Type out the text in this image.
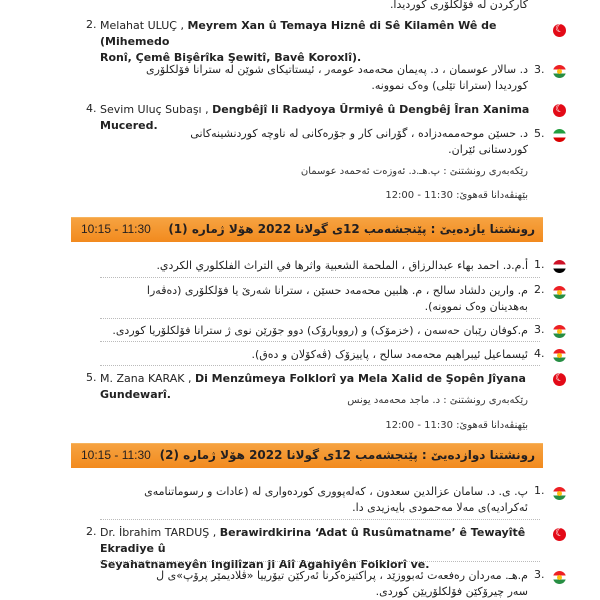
کارکردن لە فۆلکلۆری کوردیدا.
☾
2. Melahat ULUÇ , Meyrem Xan û Temaya Hiznê di Sê Kilamên Wê de (Mihemedo
Ronî, Çemê Bişêrîka Şewitî, Bavê Koroxlî).
3.
د. سالار عوسمان ، د. پەیمان محەمەد عومەر ، ئیستاتیکای شوێن لە سترانا فۆلکلۆری
کوردیدا (سترانا تێلی) وەک نموونە.
☾
4. Sevim Uluç Subaşı , Dengbêjî li Radyoya Ûrmiyê û Dengbêj Îran Xanima Mucered.
5.
د. حسێن موحەممەدزادە ، گۆرانی کار و جۆرەکانی لە ناوچە کوردنشینەکانی
کوردستانی ئێران.
رێکەبەری رونشتنێ : پ.هـ.د. ئەوزەت ئەحمەد عوسمان
بێهنڤەدانا قەهوێ: 11:30 - 12:00
10:15 - 11:30 رونشتنا یازدەیێ : پێنجشەمب 12ی گولانا 2022 هۆلا ژمارە (1)
1.
أ.م.د. احمد بهاء عبدالرزاق ، الملحمة الشعبية واثرها في التراث الفلكلوري الكردي.
2.
م. وارین دلشاد سالح ، م. هلبین محەمەد حسێن ، سترانا شەرێ یا فۆلکلۆری (دەڤەرا
بەهدینان وەک نموونە).
3.
م.کوفان رێبان حەسەن ، (خزمۆک) و (رووبارۆک) دوو جۆرێن نوی ژ سترانا فۆلکلۆریا کوردی.
4.
ئیسماعیل ئیبراهیم محەمەد سالح ، پاییزۆک (ڤەکۆلان و دەق).
☾
5. M. Zana KARAK , Di Menzûmeya Folklorî ya Mela Xalid de Şopên Jîyana Gundewarî.	رێکەبەری رونشتنێ : د. ماجد محەمەد یونس
بێهنڤەدانا قەهوێ: 11:30 - 12:00
10:15 - 11:30 رونشتنا دوازدەیێ : پێنجشەمب 12ی گولانا 2022 هۆلا ژمارە (2)
1.
پ. ی. د. سامان عزالدین سعدون ، کەلەپووری کوردەواری لە (عادات و رسوماتنامەی
ئەکرادیە)ی مەلا مەحمودی بایەزیدی دا.
☾
2. Dr. İbrahim TARDUŞ , Berawirdkirina ‘Adat û Rusûmatname’ ê Tewayîtê Ekradiye û
Seyahatnameyên Ingilîzan ji Alî Agahiyên Folklorî ve.
3.
م.هـ. مەردان رەفعەت ئەبووزێد ، پراکتیزەکرنا ئەرکێن تیۆرییا «ڤلادیمێر پرۆپ»ی ل
سەر چیرۆکێن فۆلکلۆریێن کوردی.
